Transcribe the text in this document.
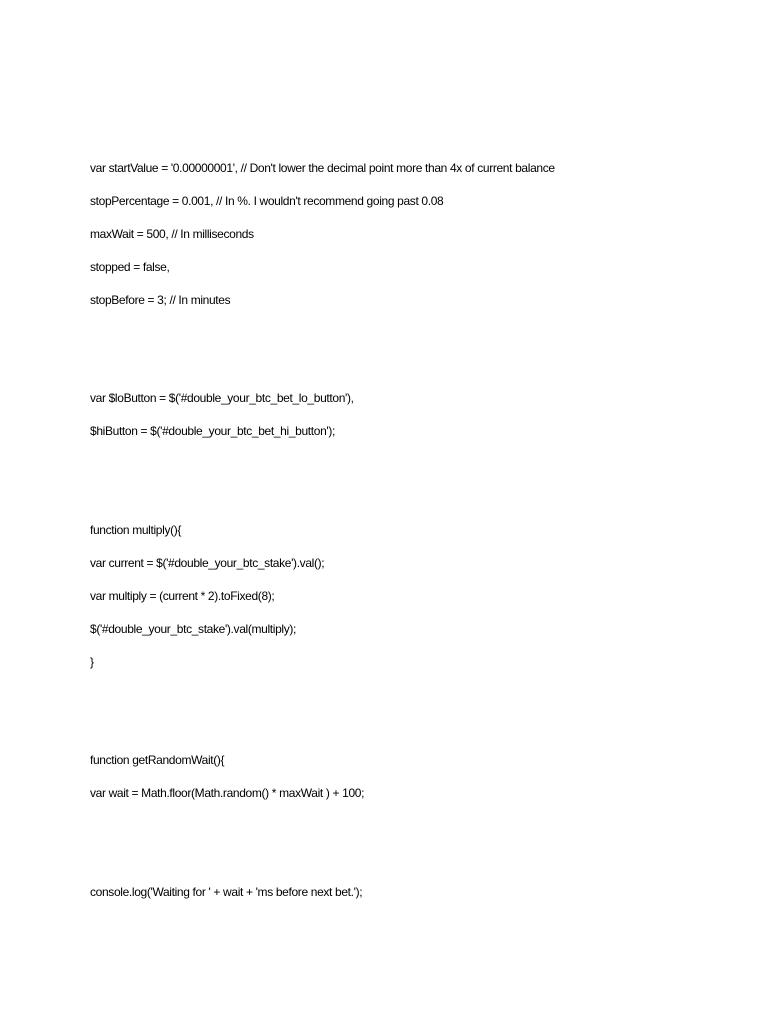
var startValue = '0.00000001', // Don't lower the decimal point more than 4x of current balance
stopPercentage = 0.001, // In %. I wouldn't recommend going past 0.08
maxWait = 500, // In milliseconds
stopped = false,
stopBefore = 3; // In minutes
var $loButton = $('#double_your_btc_bet_lo_button'),
$hiButton = $('#double_your_btc_bet_hi_button');
function multiply(){
var current = $('#double_your_btc_stake').val();
var multiply = (current * 2).toFixed(8);
$('#double_your_btc_stake').val(multiply);
}
function getRandomWait(){
var wait = Math.floor(Math.random() * maxWait ) + 100;
console.log('Waiting for ' + wait + 'ms before next bet.');
